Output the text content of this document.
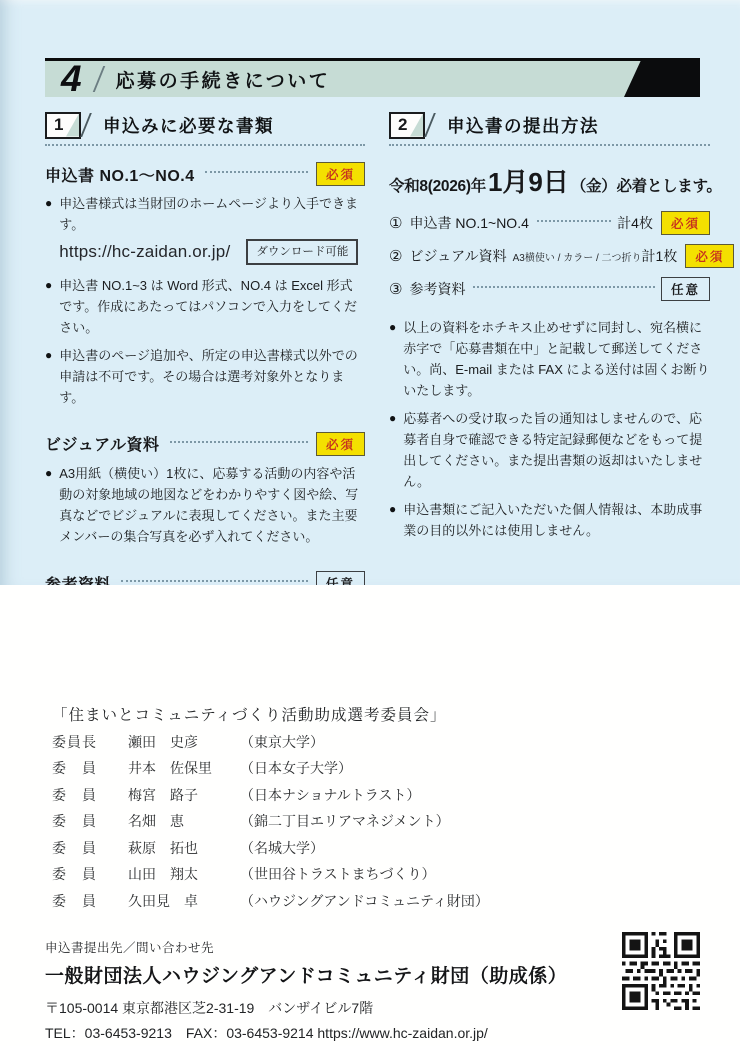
4	応募の手続きについて
1 申込みに必要な書類
申込書 NO.1〜NO.4	必須
● 申込書様式は当財団のホームページより入手できます。
https://hc-zaidan.or.jp/	ダウンロード可能
● 申込書 NO.1~3 は Word 形式、NO.4 は Excel 形式です。作成にあたってはパソコンで入力をしてください。
● 申込書のページ追加や、所定の申込書様式以外での申請は不可です。その場合は選考対象外となります。
ビジュアル資料	必須
● A3用紙（横使い）1枚に、応募する活動の内容や活動の対象地域の地図などをわかりやすく図や絵、写真などでビジュアルに表現してください。また主要メンバーの集合写真を必ず入れてください。
2 申込書の提出方法
令和8(2026)年1月9日 （金）必着とします。
① 申込書 NO.1~NO.4	計4枚	必須
② ビジュアル資料 A3横使い / カラー / 二つ折り 計1枚	必須
③ 参考資料	任意
● 以上の資料をホチキス止めせずに同封し、宛名横に赤字で「応募書類在中」と記載して郵送してください。尚、E-mail または FAX による送付は固くお断りいたします。
● 応募者への受け取った旨の通知はしませんので、応募者自身で確認できる特定記録郵便などをもって提出してください。また提出書類の返却はいたしません。
● 申込書類にご記入いただいた個人情報は、本助成事業の目的以外には使用しません。
「住まいとコミュニティづくり活動助成選考委員会」
委員長	瀬田　史彦	（東京大学）
委　員	井本　佐保里	（日本女子大学）
委　員	梅宮　路子	（日本ナショナルトラスト）
委　員	名畑　恵	（錦二丁目エリアマネジメント）
委　員	萩原　拓也	（名城大学）
委　員	山田　翔太	（世田谷トラストまちづくり）
委　員	久田見　卓	（ハウジングアンドコミュニティ財団）
申込書提出先／問い合わせ先
一般財団法人ハウジングアンドコミュニティ財団（助成係）
〒105-0014 東京都港区芝2-31-19　バンザイビル7階
TEL：03-6453-9213　FAX：03-6453-9214 https://www.hc-zaidan.or.jp/
